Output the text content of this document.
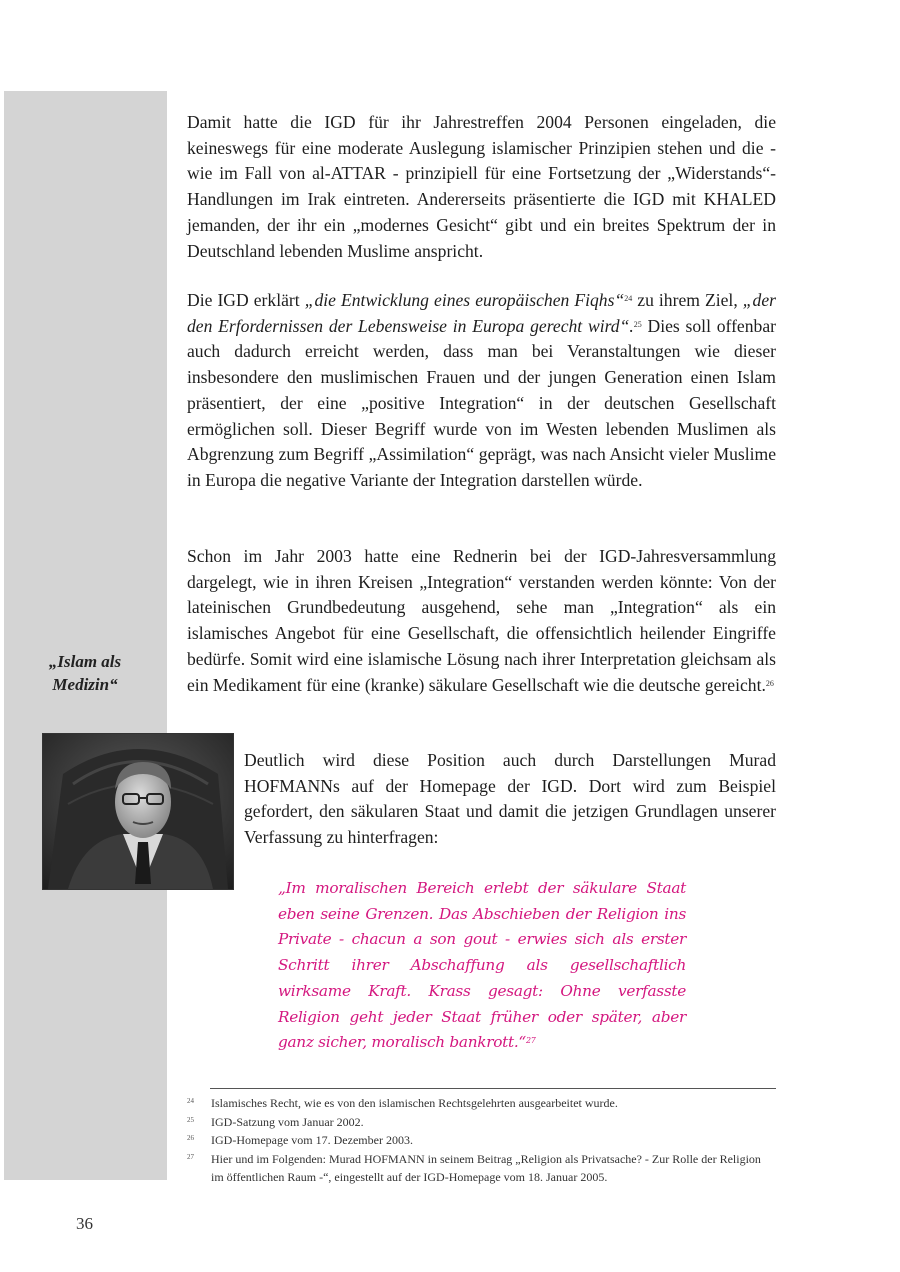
„Islam als Medizin“

Damit hatte die IGD für ihr Jahrestreffen 2004 Personen eingeladen, die keineswegs für eine moderate Auslegung islamischer Prinzipien stehen und die - wie im Fall von al-ATTAR - prinzipiell für eine Fortsetzung der „Widerstands“-Handlungen im Irak eintreten. Andererseits präsentierte die IGD mit KHALED jemanden, der ihr ein „modernes Gesicht“ gibt und ein breites Spektrum der in Deutschland lebenden Muslime anspricht.

Die IGD erklärt „die Entwicklung eines europäischen Fiqhs“$^{24}$ zu ihrem Ziel, „der den Erfordernissen der Lebensweise in Europa gerecht wird“.$^{25}$ Dies soll offenbar auch dadurch erreicht werden, dass man bei Veranstaltungen wie dieser insbesondere den muslimischen Frauen und der jungen Generation einen Islam präsentiert, der eine „positive Integration“ in der deutschen Gesellschaft ermöglichen soll. Dieser Begriff wurde von im Westen lebenden Muslimen als Abgrenzung zum Begriff „Assimilation“ geprägt, was nach Ansicht vieler Muslime in Europa die negative Variante der Integration darstellen würde.

Schon im Jahr 2003 hatte eine Rednerin bei der IGD-Jahresversammlung dargelegt, wie in ihren Kreisen „Integration“ verstanden werden könnte: Von der lateinischen Grundbedeutung ausgehend, sehe man „Integration“ als ein islamisches Angebot für eine Gesellschaft, die offensichtlich heilender Eingriffe bedürfe. Somit wird eine islamische Lösung nach ihrer Interpretation gleichsam als ein Medikament für eine (kranke) säkulare Gesellschaft wie die deutsche gereicht.$^{26}$

Deutlich wird diese Position auch durch Darstellungen Murad HOFMANNs auf der Homepage der IGD. Dort wird zum Beispiel gefordert, den säkularen Staat und damit die jetzigen Grundlagen unserer Verfassung zu hinterfragen:

„Im moralischen Bereich erlebt der säkulare Staat eben seine Grenzen. Das Abschieben der Religion ins Private - chacun a son gout - erwies sich als erster Schritt ihrer Abschaffung als gesellschaftlich wirksame Kraft. Krass gesagt: Ohne verfasste Religion geht jeder Staat früher oder später, aber ganz sicher, moralisch bankrott.“$^{27}$

24 Islamisches Recht, wie es von den islamischen Rechtsgelehrten ausgearbeitet wurde.
25 IGD-Satzung vom Januar 2002.
26 IGD-Homepage vom 17. Dezember 2003.
27 Hier und im Folgenden: Murad HOFMANN in seinem Beitrag „Religion als Privatsache? - Zur Rolle der Religion im öffentlichen Raum -“, eingestellt auf der IGD-Homepage vom 18. Januar 2005.
36
